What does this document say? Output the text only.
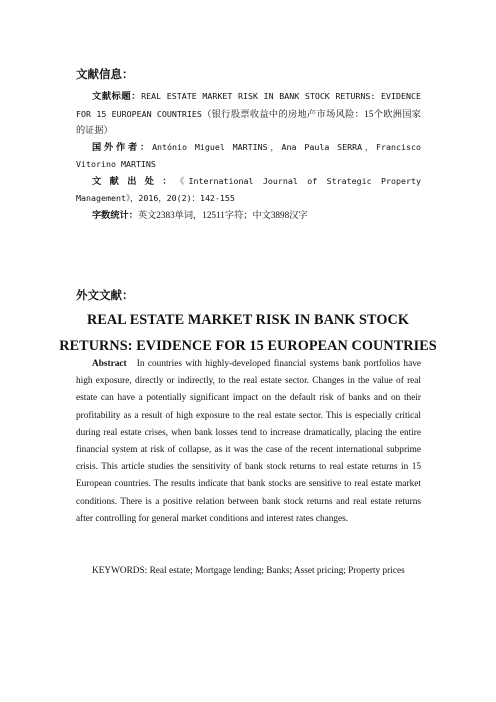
文献信息：
文献标题：REAL ESTATE MARKET RISK IN BANK STOCK RETURNS: EVIDENCE FOR 15 EUROPEAN COUNTRIES（银行股票收益中的房地产市场风险：15个欧洲国家的证据）
国外作者：António Miguel MARTINS，Ana Paula SERRA，Francisco Vitorino MARTINS
文献出处：《International Journal of Strategic Property Management》，2016，20(2)：142-155
字数统计：英文2383单词，12511字符；中文3898汉字
外文文献：
REAL ESTATE MARKET RISK IN BANK STOCK
RETURNS: EVIDENCE FOR 15 EUROPEAN COUNTRIES
Abstract In countries with highly-developed financial systems bank portfolios have high exposure, directly or indirectly, to the real estate sector. Changes in the value of real estate can have a potentially significant impact on the default risk of banks and on their profitability as a result of high exposure to the real estate sector. This is especially critical during real estate crises, when bank losses tend to increase dramatically, placing the entire financial system at risk of collapse, as it was the case of the recent international subprime crisis. This article studies the sensitivity of bank stock returns to real estate returns in 15 European countries. The results indicate that bank stocks are sensitive to real estate market conditions. There is a positive relation between bank stock returns and real estate returns after controlling for general market conditions and interest rates changes.
KEYWORDS: Real estate; Mortgage lending; Banks; Asset pricing; Property prices
